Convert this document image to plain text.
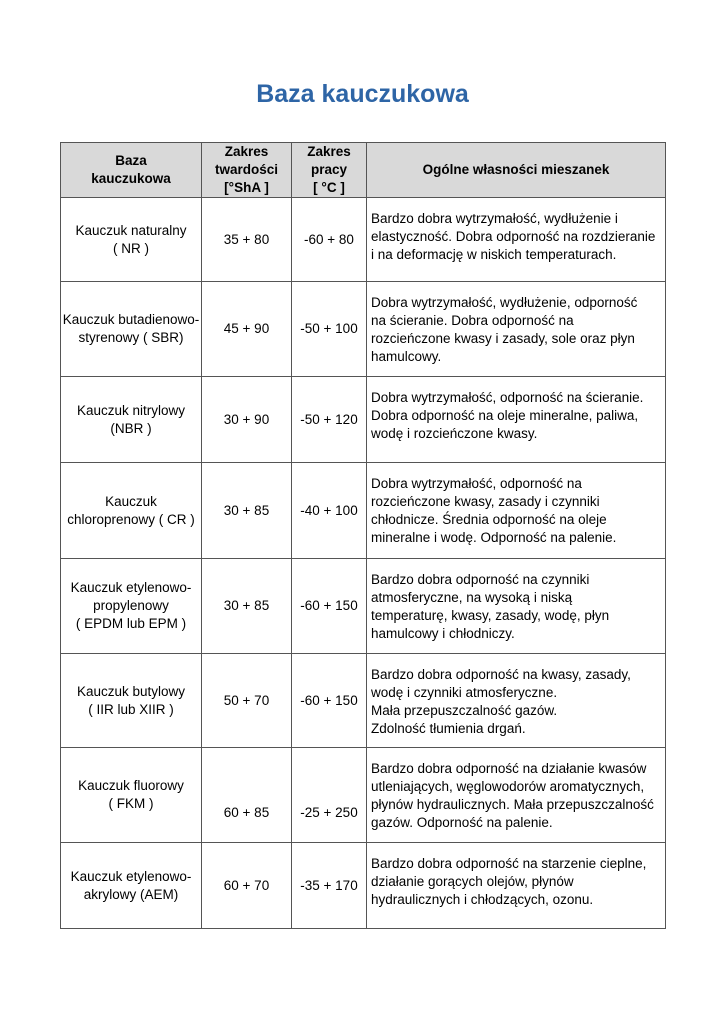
Baza kauczukowa
Baza
kauczukowa	Zakres
twardości
[°ShA ]	Zakres
pracy
[ °C ]	Ogólne własności mieszanek

Kauczuk naturalny
( NR )	35 + 80	-60 + 80	Bardzo dobra wytrzymałość, wydłużenie i
elastyczność. Dobra odporność na rozdzieranie
i na deformację w niskich temperaturach.

Kauczuk butadienowo-
styrenowy ( SBR)	45 + 90	-50 + 100	Dobra wytrzymałość, wydłużenie, odporność
na ścieranie. Dobra odporność na
rozcieńczone kwasy i zasady, sole oraz płyn
hamulcowy.

Kauczuk nitrylowy
(NBR )	30 + 90	-50 + 120	Dobra wytrzymałość, odporność na ścieranie.
Dobra odporność na oleje mineralne, paliwa,
wodę i rozcieńczone kwasy.

Kauczuk
chloroprenowy ( CR )	30 + 85	-40 + 100	Dobra wytrzymałość, odporność na
rozcieńczone kwasy, zasady i czynniki
chłodnicze. Średnia odporność na oleje
mineralne i wodę. Odporność na palenie.

Kauczuk etylenowo-
propylenowy
( EPDM lub EPM )	30 + 85	-60 + 150	Bardzo dobra odporność na czynniki
atmosferyczne, na wysoką i niską
temperaturę, kwasy, zasady, wodę, płyn
hamulcowy i chłodniczy.

Kauczuk butylowy
( IIR lub XIIR )	50 + 70	-60 + 150	Bardzo dobra odporność na kwasy, zasady,
wodę i czynniki atmosferyczne.
Mała przepuszczalność gazów.
Zdolność tłumienia drgań.

Kauczuk fluorowy
( FKM )	60 + 85	-25 + 250	Bardzo dobra odporność na działanie kwasów
utleniających, węglowodorów aromatycznych,
płynów hydraulicznych. Mała przepuszczalność
gazów. Odporność na palenie.

Kauczuk etylenowo-
akrylowy (AEM)	60 + 70	-35 + 170	Bardzo dobra odporność na starzenie cieplne,
działanie gorących olejów, płynów
hydraulicznych i chłodzących, ozonu.
